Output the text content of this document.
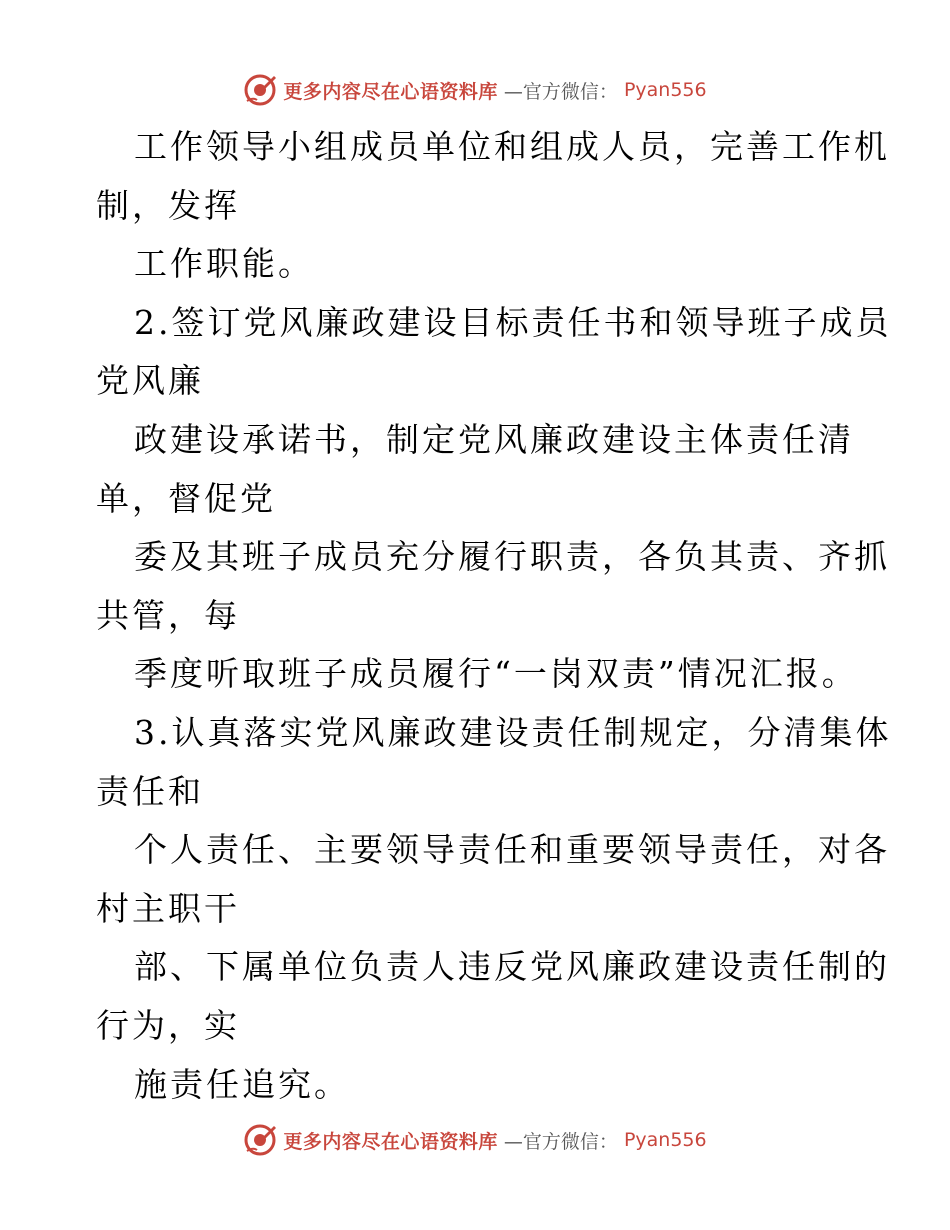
更多内容尽在心语资料库 —官方微信： Pyan556
工作领导小组成员单位和组成人员，完善工作机
制，发挥
工作职能。
2.签订党风廉政建设目标责任书和领导班子成员
党风廉
政建设承诺书，制定党风廉政建设主体责任清
单，督促党
委及其班子成员充分履行职责，各负其责、齐抓
共管，每
季度听取班子成员履行“一岗双责”情况汇报。
3.认真落实党风廉政建设责任制规定，分清集体
责任和
个人责任、主要领导责任和重要领导责任，对各
村主职干
部、下属单位负责人违反党风廉政建设责任制的
行为，实
施责任追究。
更多内容尽在心语资料库 —官方微信： Pyan556
